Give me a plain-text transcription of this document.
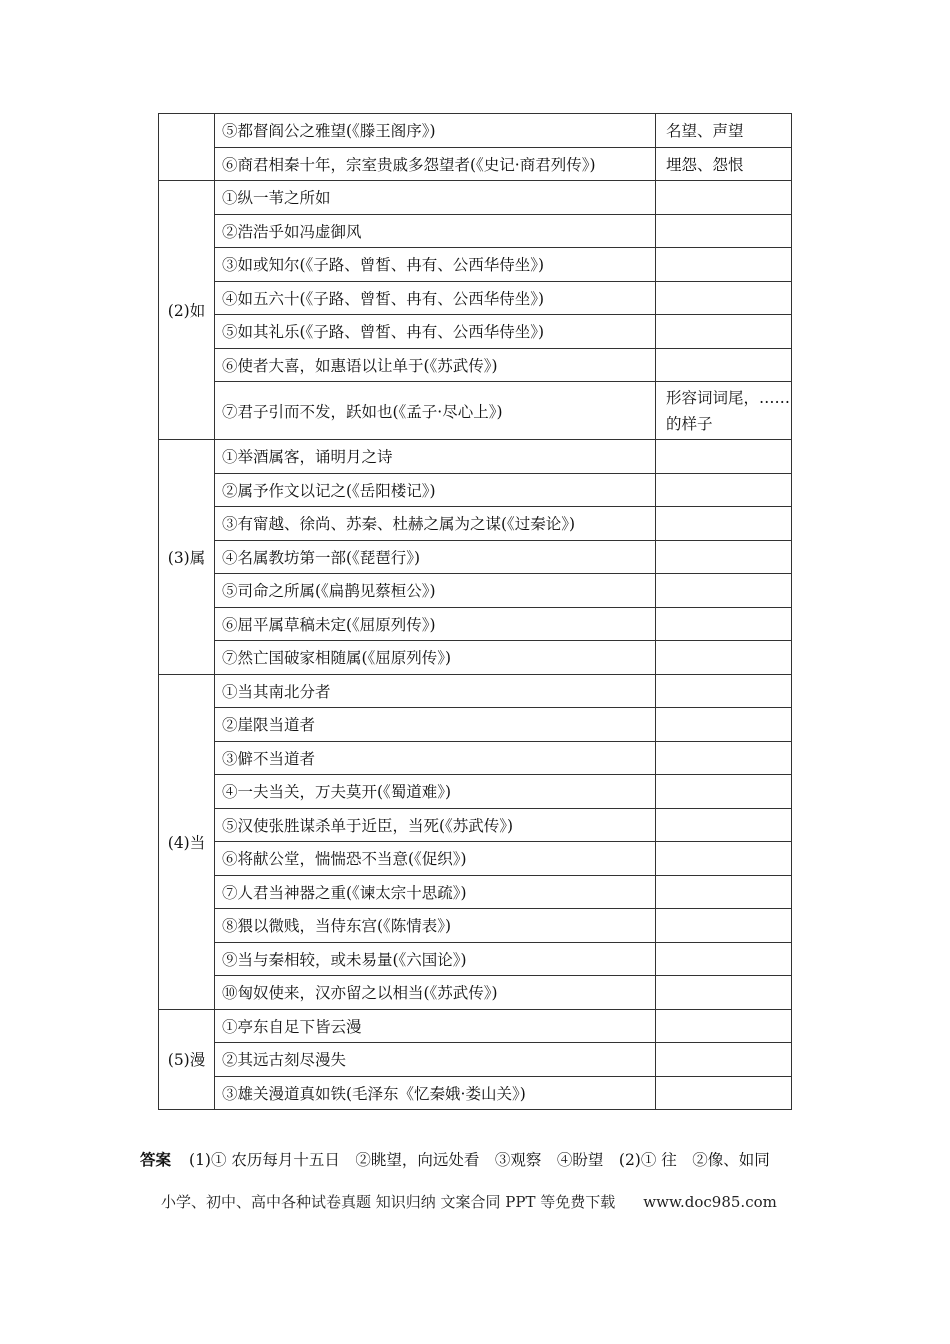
	⑤都督阎公之雅望(《滕王阁序》)	名望、声望
	⑥商君相秦十年，宗室贵戚多怨望者(《史记·商君列传》)	埋怨、怨恨
(2)如	①纵一苇之所如	
	②浩浩乎如冯虚御风	
	③如或知尔(《子路、曾皙、冉有、公西华侍坐》)	
	④如五六十(《子路、曾皙、冉有、公西华侍坐》)	
	⑤如其礼乐(《子路、曾皙、冉有、公西华侍坐》)	
	⑥使者大喜，如惠语以让单于(《苏武传》)	
	⑦君子引而不发，跃如也(《孟子·尽心上》)	形容词词尾，……的样子
(3)属	①举酒属客，诵明月之诗	
	②属予作文以记之(《岳阳楼记》)	
	③有甯越、徐尚、苏秦、杜赫之属为之谋(《过秦论》)	
	④名属教坊第一部(《琵琶行》)	
	⑤司命之所属(《扁鹊见蔡桓公》)	
	⑥屈平属草稿未定(《屈原列传》)	
	⑦然亡国破家相随属(《屈原列传》)	
(4)当	①当其南北分者	
	②崖限当道者	
	③僻不当道者	
	④一夫当关，万夫莫开(《蜀道难》)	
	⑤汉使张胜谋杀单于近臣，当死(《苏武传》)	
	⑥将献公堂，惴惴恐不当意(《促织》)	
	⑦人君当神器之重(《谏太宗十思疏》)	
	⑧猥以微贱，当侍东宫(《陈情表》)	
	⑨当与秦相较，或未易量(《六国论》)	
	⑩匈奴使来，汉亦留之以相当(《苏武传》)	
(5)漫	①亭东自足下皆云漫	
	②其远古刻尽漫失	
	③雄关漫道真如铁(毛泽东《忆秦娥·娄山关》)	
答案 (1)① 农历每月十五日　②眺望，向远处看　③观察　④盼望　(2)① 往　②像、如同
小学、初中、高中各种试卷真题 知识归纳 文案合同 PPT 等免费下载 www.doc985.com
